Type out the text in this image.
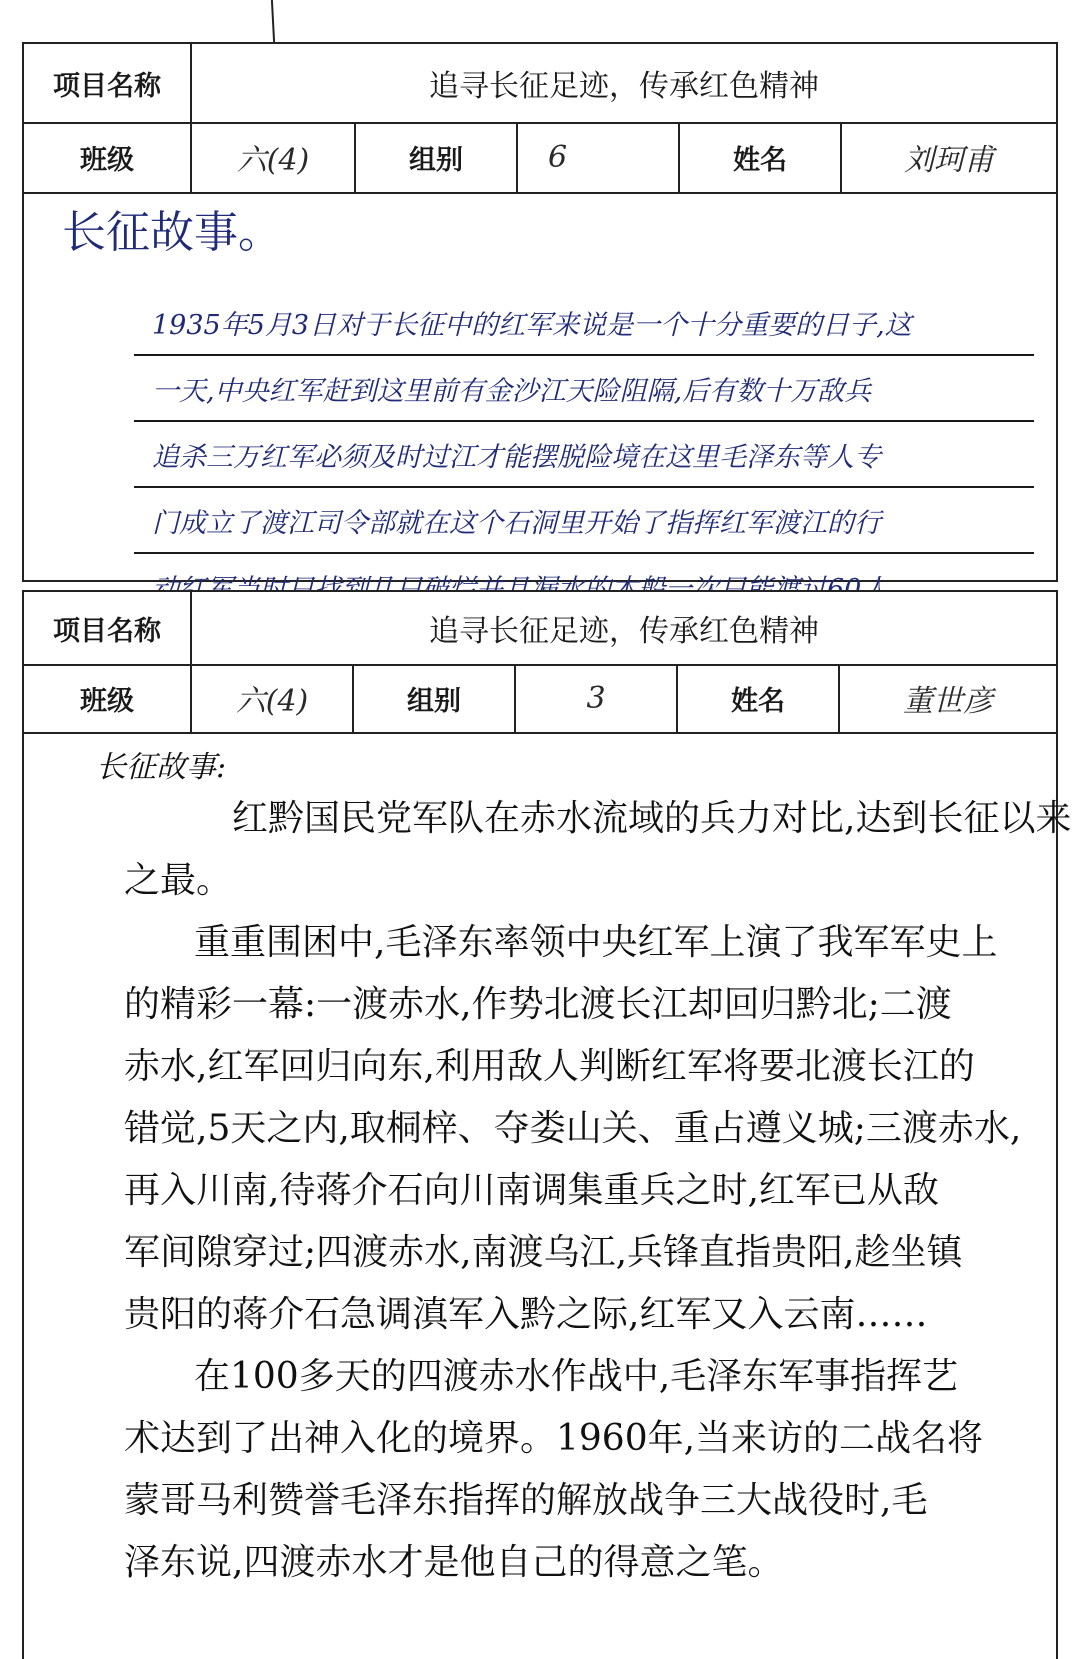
项目名称	追寻长征足迹，传承红色精神
班级	六(4)	组别	6	姓名	刘珂甫
长征故事。
1935年5月3日对于长征中的红军来说是一个十分重要的日子,这
一天,中央红军赶到这里前有金沙江天险阻隔,后有数十万敌兵
追杀三万红军必须及时过江才能摆脱险境在这里毛泽东等人专
门成立了渡江司令部就在这个石洞里开始了指挥红军渡江的行
项目名称	追寻长征足迹，传承红色精神
班级	六(4)	组别	3	姓名	董世彦
长征故事:
红黔国民党军队在赤水流域的兵力对比,达到长征以来
之最。
重重围困中,毛泽东率领中央红军上演了我军军史上
的精彩一幕:一渡赤水,作势北渡长江却回归黔北;二渡
赤水,红军回归向东,利用敌人判断红军将要北渡长江的
错觉,5天之内,取桐梓、夺娄山关、重占遵义城;三渡赤水,
再入川南,待蒋介石向川南调集重兵之时,红军已从敌
军间隙穿过;四渡赤水,南渡乌江,兵锋直指贵阳,趁坐镇
贵阳的蒋介石急调滇军入黔之际,红军又入云南……
在100多天的四渡赤水作战中,毛泽东军事指挥艺
术达到了出神入化的境界。1960年,当来访的二战名将
蒙哥马利赞誉毛泽东指挥的解放战争三大战役时,毛
泽东说,四渡赤水才是他自己的得意之笔。
